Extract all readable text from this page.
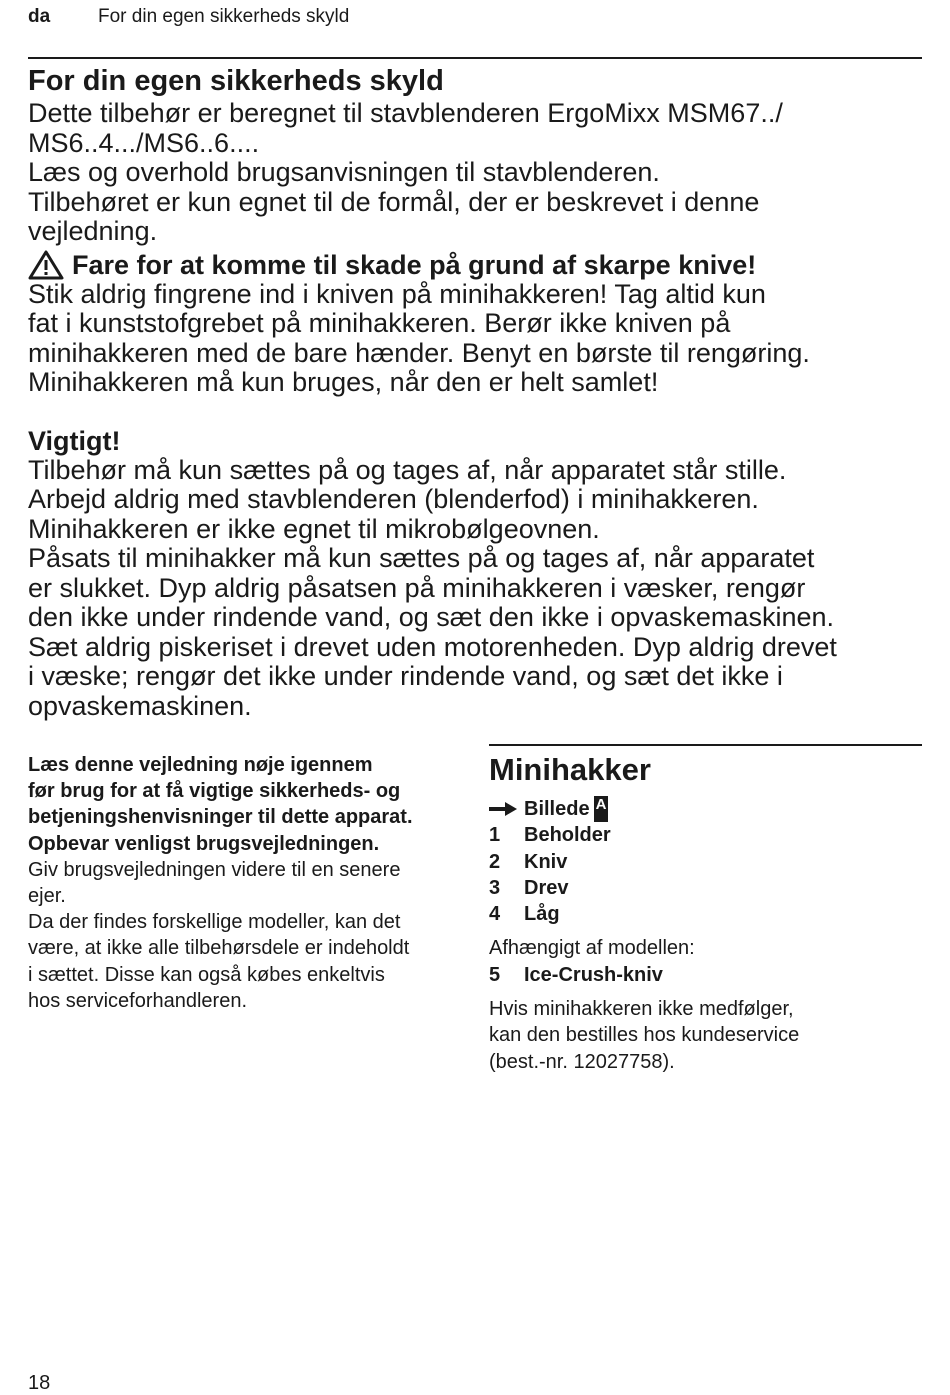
da	For din egen sikkerheds skyld
For din egen sikkerheds skyld

Dette tilbehør er beregnet til stavblenderen ErgoMixx MSM67../

MS6..4.../MS6..6....

Læs og overhold brugsanvisningen til stavblenderen.

Tilbehøret er kun egnet til de formål, der er beskrevet i denne

vejledning.

Fare for at komme til skade på grund af skarpe knive!

Stik aldrig fingrene ind i kniven på minihakkeren! Tag altid kun

fat i kunststofgrebet på minihakkeren. Berør ikke kniven på

minihakkeren med de bare hænder. Benyt en børste til rengøring.

Minihakkeren må kun bruges, når den er helt samlet!

Vigtigt!

Tilbehør må kun sættes på og tages af, når apparatet står stille.

Arbejd aldrig med stavblenderen (blenderfod) i minihakkeren.

Minihakkeren er ikke egnet til mikrobølgeovnen.

Påsats til minihakker må kun sættes på og tages af, når apparatet

er slukket. Dyp aldrig påsatsen på minihakkeren i væsker, rengør

den ikke under rindende vand, og sæt den ikke i opvaskemaskinen.

Sæt aldrig piskeriset i drevet uden motorenheden. Dyp aldrig drevet

i væske; rengør det ikke under rindende vand, og sæt det ikke i

opvaskemaskinen.

Læs denne vejledning nøje igennem

før brug for at få vigtige sikkerheds- og

betjeningshenvisninger til dette apparat.

Opbevar venligst brugsvejledningen.

Giv brugsvejledningen videre til en senere

ejer.

Da der findes forskellige modeller, kan det

være, at ikke alle tilbehørsdele er indeholdt

i sættet. Disse kan også købes enkeltvis

hos serviceforhandleren.

Minihakker
Billede A
1	Beholder
2	Kniv
3	Drev
4	Låg

Afhængigt af modellen:

5	Ice-Crush-kniv
Hvis minihakkeren ikke medfølger,
kan den bestilles hos kundeservice
(best.-nr. 12027758).
18
